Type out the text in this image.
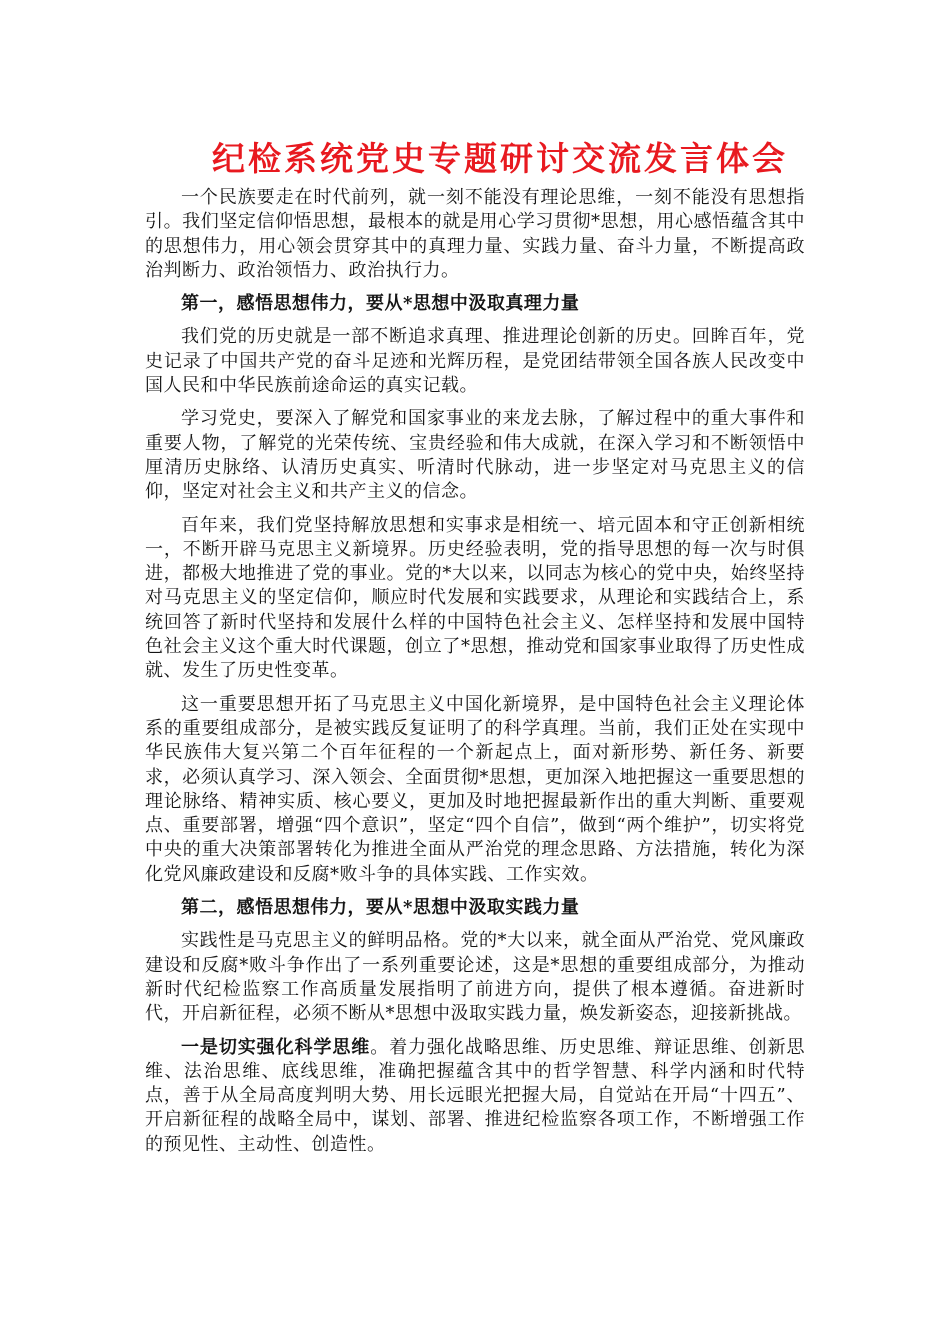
纪检系统党史专题研讨交流发言体会

一个民族要走在时代前列，就一刻不能没有理论思维，一刻不能没有思想指引。我们坚定信仰悟思想，最根本的就是用心学习贯彻*思想，用心感悟蕴含其中的思想伟力，用心领会贯穿其中的真理力量、实践力量、奋斗力量，不断提高政治判断力、政治领悟力、政治执行力。

第一，感悟思想伟力，要从*思想中汲取真理力量

我们党的历史就是一部不断追求真理、推进理论创新的历史。回眸百年，党史记录了中国共产党的奋斗足迹和光辉历程，是党团结带领全国各族人民改变中国人民和中华民族前途命运的真实记载。

学习党史，要深入了解党和国家事业的来龙去脉，了解过程中的重大事件和重要人物，了解党的光荣传统、宝贵经验和伟大成就，在深入学习和不断领悟中厘清历史脉络、认清历史真实、听清时代脉动，进一步坚定对马克思主义的信仰，坚定对社会主义和共产主义的信念。

百年来，我们党坚持解放思想和实事求是相统一、培元固本和守正创新相统一，不断开辟马克思主义新境界。历史经验表明，党的指导思想的每一次与时俱进，都极大地推进了党的事业。党的*大以来，以同志为核心的党中央，始终坚持对马克思主义的坚定信仰，顺应时代发展和实践要求，从理论和实践结合上，系统回答了新时代坚持和发展什么样的中国特色社会主义、怎样坚持和发展中国特色社会主义这个重大时代课题，创立了*思想，推动党和国家事业取得了历史性成就、发生了历史性变革。

这一重要思想开拓了马克思主义中国化新境界，是中国特色社会主义理论体系的重要组成部分，是被实践反复证明了的科学真理。当前，我们正处在实现中华民族伟大复兴第二个百年征程的一个新起点上，面对新形势、新任务、新要求，必须认真学习、深入领会、全面贯彻*思想，更加深入地把握这一重要思想的理论脉络、精神实质、核心要义，更加及时地把握最新作出的重大判断、重要观点、重要部署，增强“四个意识”，坚定“四个自信”，做到“两个维护”，切实将党中央的重大决策部署转化为推进全面从严治党的理念思路、方法措施，转化为深化党风廉政建设和反腐*败斗争的具体实践、工作实效。

第二，感悟思想伟力，要从*思想中汲取实践力量

实践性是马克思主义的鲜明品格。党的*大以来，就全面从严治党、党风廉政建设和反腐*败斗争作出了一系列重要论述，这是*思想的重要组成部分，为推动新时代纪检监察工作高质量发展指明了前进方向，提供了根本遵循。奋进新时代，开启新征程，必须不断从*思想中汲取实践力量，焕发新姿态，迎接新挑战。

一是切实强化科学思维。着力强化战略思维、历史思维、辩证思维、创新思维、法治思维、底线思维，准确把握蕴含其中的哲学智慧、科学内涵和时代特点，善于从全局高度判明大势、用长远眼光把握大局，自觉站在开局“十四五”、开启新征程的战略全局中，谋划、部署、推进纪检监察各项工作，不断增强工作的预见性、主动性、创造性。
